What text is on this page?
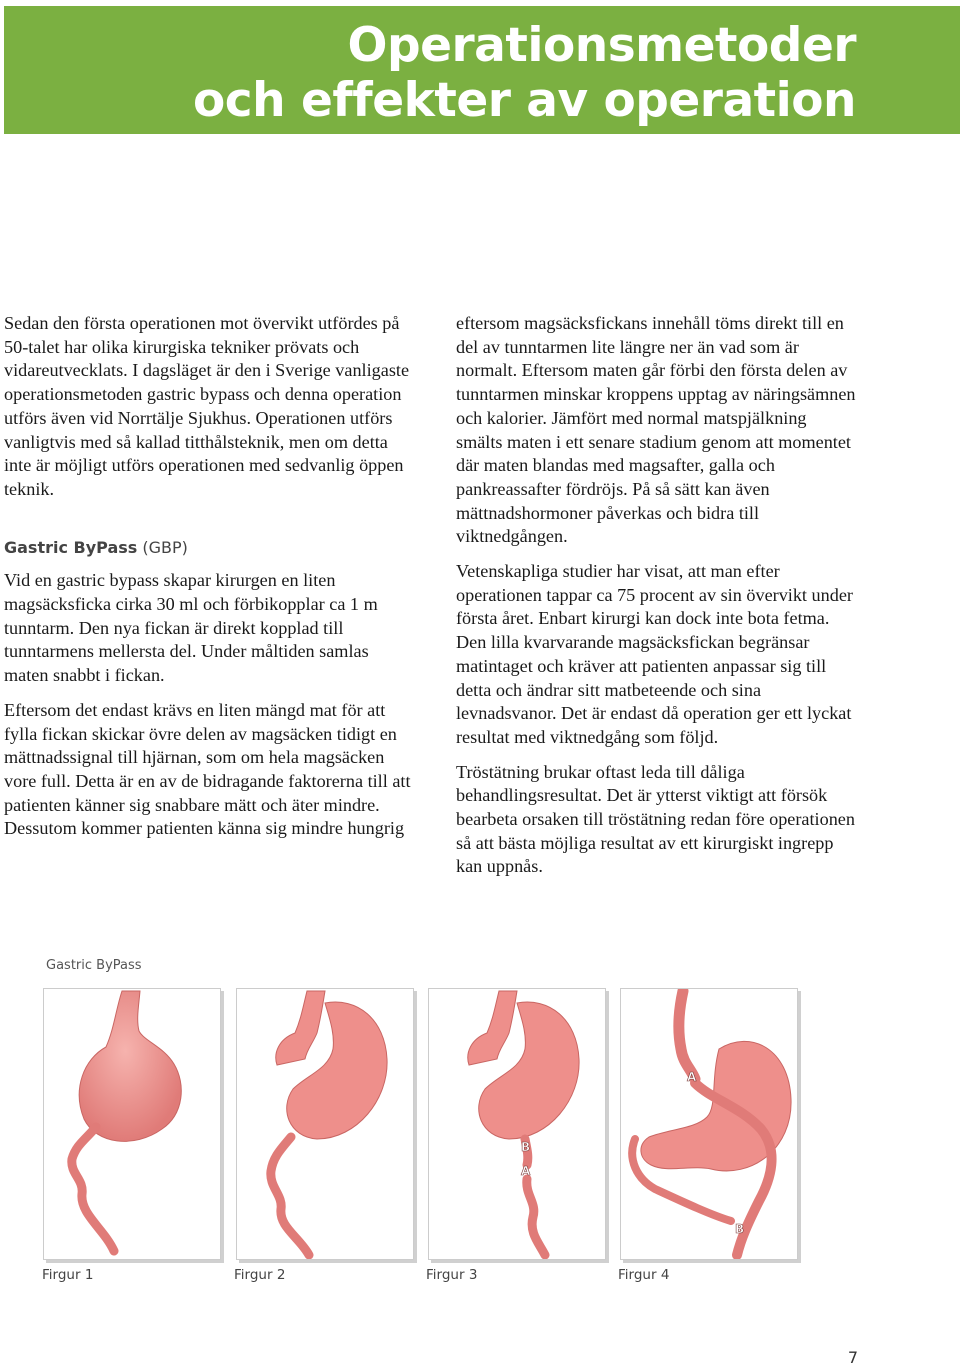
Operationsmetoder
och effekter av operation

Sedan den första operationen mot övervikt utfördes på 50-talet har olika kirurgiska tekniker prövats och vidareutvecklats. I dagsläget är den i Sverige vanligaste operationsmetoden gastric bypass och denna operation utförs även vid Norrtälje Sjukhus. Operationen utförs vanligtvis med så kallad titthålsteknik, men om detta inte är möjligt utförs operationen med sedvanlig öppen teknik.

Gastric ByPass (GBP)

Vid en gastric bypass skapar kirurgen en liten magsäcksficka cirka 30 ml och förbikopplar ca 1 m tunntarm. Den nya fickan är direkt kopplad till tunntarmens mellersta del. Under måltiden samlas maten snabbt i fickan.

Eftersom det endast krävs en liten mängd mat för att fylla fickan skickar övre delen av magsäcken tidigt en mättnadssignal till hjärnan, som om hela magsäcken vore full. Detta är en av de bidragande faktorerna till att patienten känner sig snabbare mätt och äter mindre. Dessutom kommer patienten känna sig mindre hungrig

eftersom magsäcksfickans innehåll töms direkt till en del av tunntarmen lite längre ner än vad som är normalt. Eftersom maten går förbi den första delen av tunntarmen minskar kroppens upptag av näringsämnen och kalorier. Jämfört med normal matspjälkning smälts maten i ett senare stadium genom att momentet där maten blandas med magsafter, galla och pankreassafter fördröjs. På så sätt kan även mättnadshormoner påverkas och bidra till viktnedgången.

Vetenskapliga studier har visat, att man efter operationen tappar ca 75 procent av sin övervikt under första året. Enbart kirurgi kan dock inte bota fetma. Den lilla kvarvarande magsäcksfickan begränsar matintaget och kräver att patienten anpassar sig till detta och ändrar sitt matbeteende och sina levnadsvanor. Det är endast då operation ger ett lyckat resultat med viktnedgång som följd.

Tröstätning brukar oftast leda till dåliga behandlingsresultat. Det är ytterst viktigt att försök bearbeta orsaken till tröstätning redan före operationen så att bästa möjliga resultat av ett kirurgiskt ingrepp kan uppnås.

Gastric ByPass
B
A
A
B
Firgur 1	Firgur 2	Firgur 3	Firgur 4
7
